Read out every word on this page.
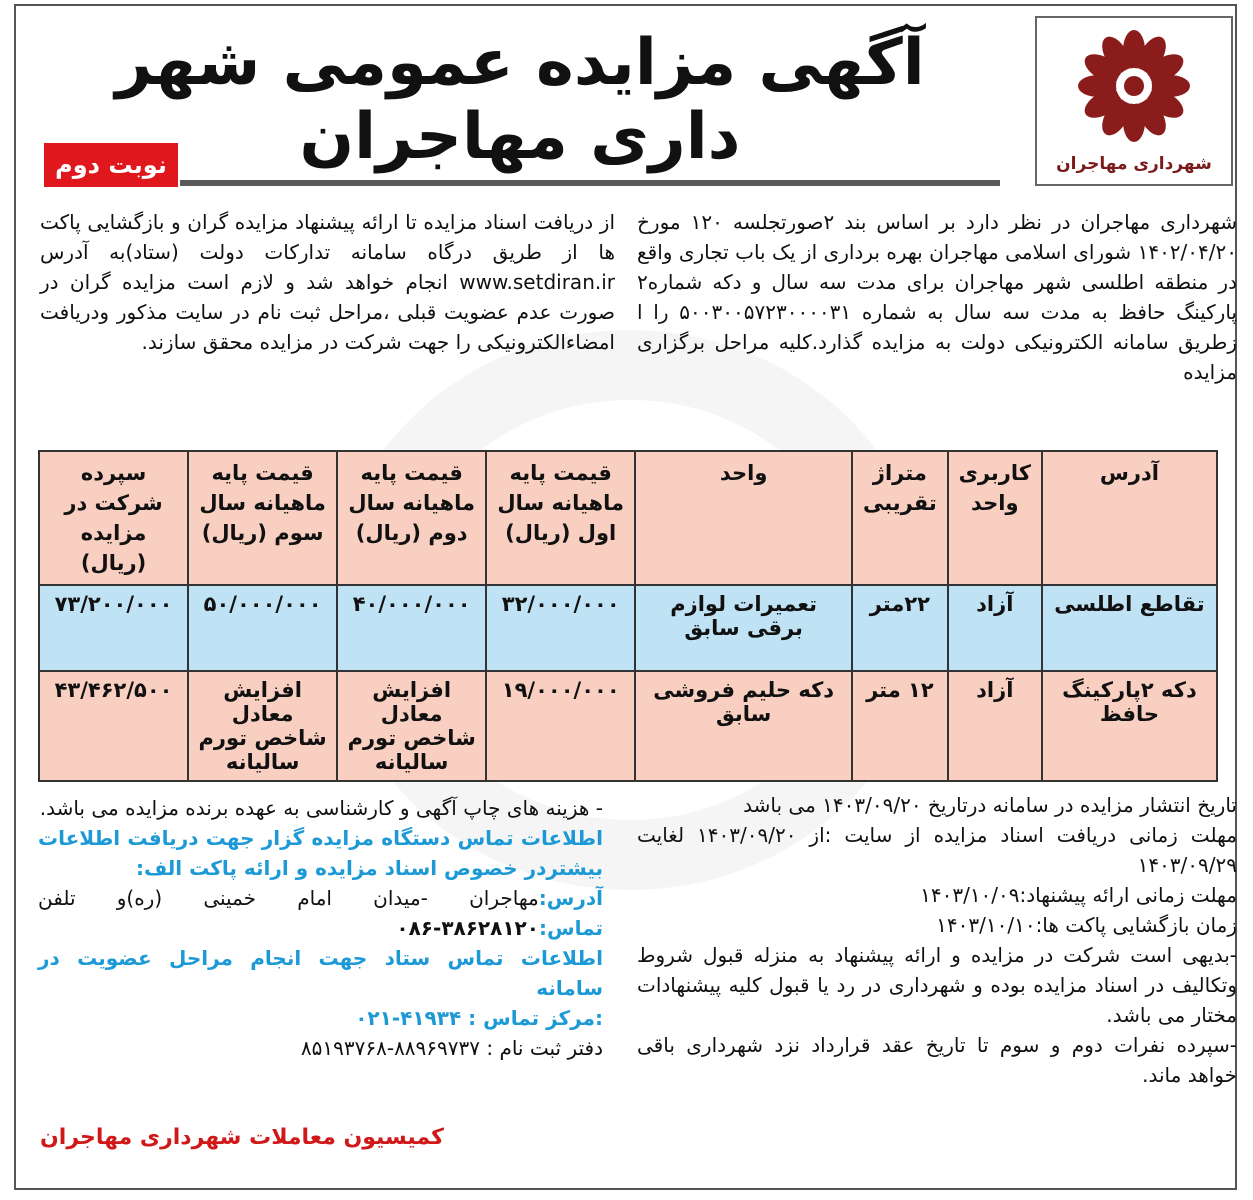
شهرداری مهاجران
آگهی مزایده عمومی شهر داری مهاجران
نوبت دوم

شهرداری مهاجران در نظر دارد بر اساس بند ۲صورتجلسه ۱۲۰ مورخ ۱۴۰۲/۰۴/۲۰ شورای اسلامی مهاجران بهره برداری از یک باب تجاری واقع در منطقه اطلسی شهر مهاجران برای مدت سه سال و دکه شماره۲ پارکینگ حافظ به مدت سه سال به شماره ۵۰۰۳۰۰۵۷۲۳۰۰۰۰۳۱ را ا زطریق سامانه الکترونیکی دولت به مزایده گذارد.کلیه مراحل برگزاری مزایده

از دریافت اسناد مزایده تا ارائه پیشنهاد مزایده گران و بازگشایی پاکت ها از طریق درگاه سامانه تدارکات دولت (ستاد)به آدرس www.setdiran.ir انجام خواهد شد و لازم است مزایده گران در صورت عدم عضویت قبلی ،مراحل ثبت نام در سایت مذکور ودریافت امضاءالکترونیکی را جهت شرکت در مزایده محقق سازند.

آدرس	کاربری واحد	متراژ تقریبی	واحد	قیمت پایه ماهیانه سال اول (ریال)	قیمت پایه ماهیانه سال دوم (ریال)	قیمت پایه ماهیانه سال سوم (ریال)	سپرده شرکت در مزایده (ریال)
تقاطع اطلسی	آزاد	۲۲متر	تعمیرات لوازم برقی سابق	۳۲/۰۰۰/۰۰۰	۴۰/۰۰۰/۰۰۰	۵۰/۰۰۰/۰۰۰	۷۳/۲۰۰/۰۰۰
دکه ۲پارکینگ حافظ	آزاد	۱۲ متر	دکه حلیم فروشی سابق	۱۹/۰۰۰/۰۰۰	افزایش معادل شاخص تورم سالیانه	افزایش معادل شاخص تورم سالیانه	۴۳/۴۶۲/۵۰۰

تاریخ انتشار مزایده در سامانه درتاریخ ۱۴۰۳/۰۹/۲۰ می باشد

مهلت زمانی دریافت اسناد مزایده از سایت :از ۱۴۰۳/۰۹/۲۰ لغایت ۱۴۰۳/۰۹/۲۹

مهلت زمانی ارائه پیشنهاد:۱۴۰۳/۱۰/۰۹

زمان بازگشایی پاکت ها:۱۴۰۳/۱۰/۱۰

-بدیهی است شرکت در مزایده و ارائه پیشنهاد به منزله قبول شروط وتکالیف در اسناد مزایده بوده و شهرداری در رد یا قبول کلیه پیشنهادات مختار می باشد.

-سپرده نفرات دوم و سوم تا تاریخ عقد قرارداد نزد شهرداری باقی خواهد ماند.

- هزینه های چاپ آگهی و کارشناسی به عهده برنده مزایده می باشد.

اطلاعات تماس دستگاه مزایده گزار جهت دریافت اطلاعات بیشتردر خصوص اسناد مزایده و ارائه پاکت الف:

آدرس:مهاجران -میدان امام خمینی (ره)و تلفن تماس:۳۸۶۲۸۱۲۰-۰۸۶

اطلاعات تماس ستاد جهت انجام مراحل عضویت در سامانه

:مرکز تماس : ۴۱۹۳۴-۰۲۱

دفتر ثبت نام : ۸۸۹۶۹۷۳۷-۸۵۱۹۳۷۶۸

کمیسیون معاملات شهرداری مهاجران
